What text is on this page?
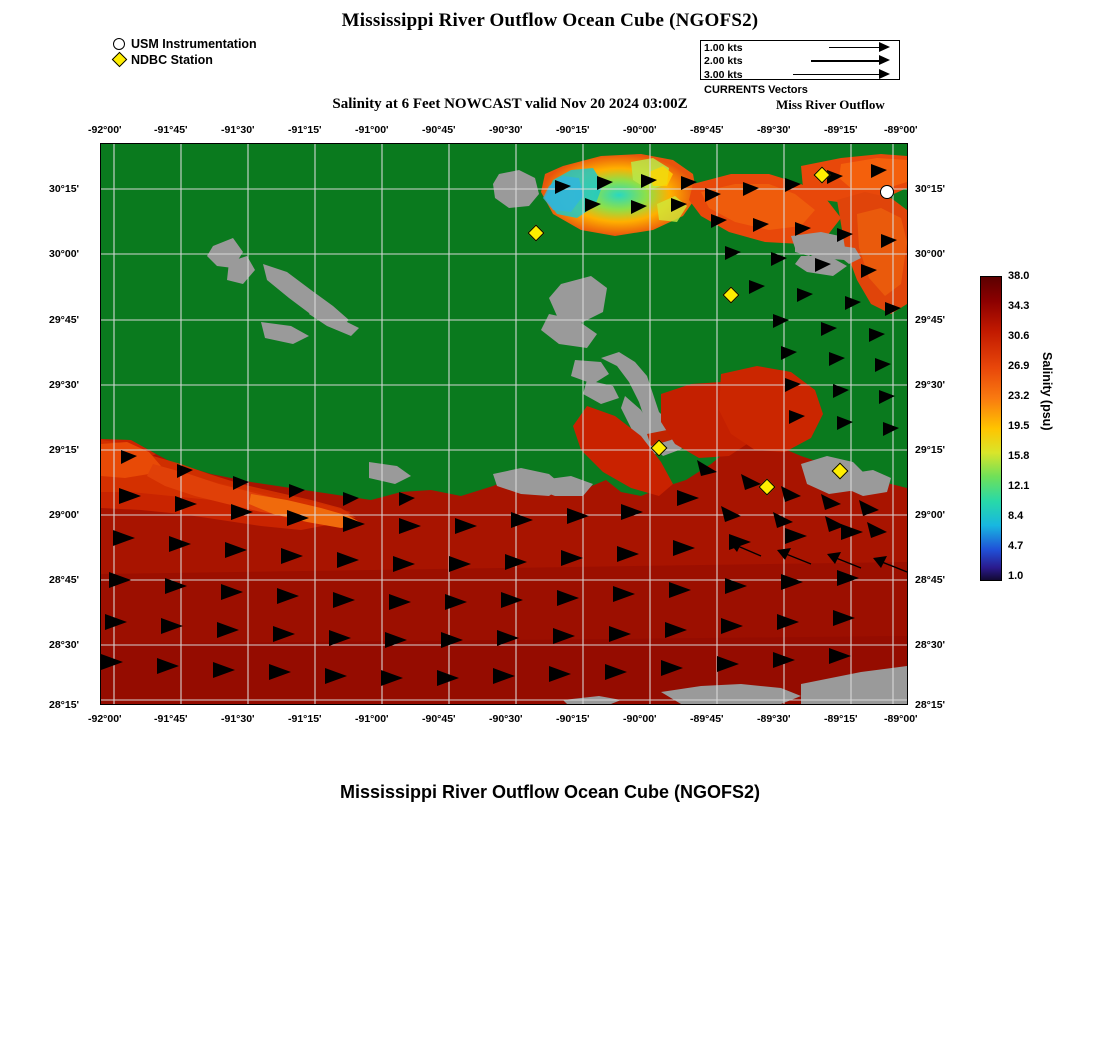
Mississippi River Outflow Ocean Cube (NGOFS2)
Salinity at 6 Feet NOWCAST valid Nov 20 2024 03:00Z	Miss River Outflow
Mississippi River Outflow Ocean Cube (NGOFS2)
USM Instrumentation
NDBC Station
1.00 kts
2.00 kts
3.00 kts
CURRENTS Vectors
-92°00'	-91°45'	-91°30'	-91°15'	-91°00'	-90°45'	-90°30'	-90°15'	-90°00'	-89°45'	-89°30'	-89°15'	-89°00'
-92°00'	-91°45'	-91°30'	-91°15'	-91°00'	-90°45'	-90°30'	-90°15'	-90°00'	-89°45'	-89°30'	-89°15'	-89°00'
30°15'
30°00'
29°45'
29°30'
29°15'
29°00'
28°45'
28°30'
28°15'
30°15'
30°00'
29°45'
29°30'
29°15'
29°00'
28°45'
28°30'
28°15'
38.0
34.3
30.6
26.9
23.2
19.5
15.8
12.1
8.4
4.7
1.0
Salinity (psu)
